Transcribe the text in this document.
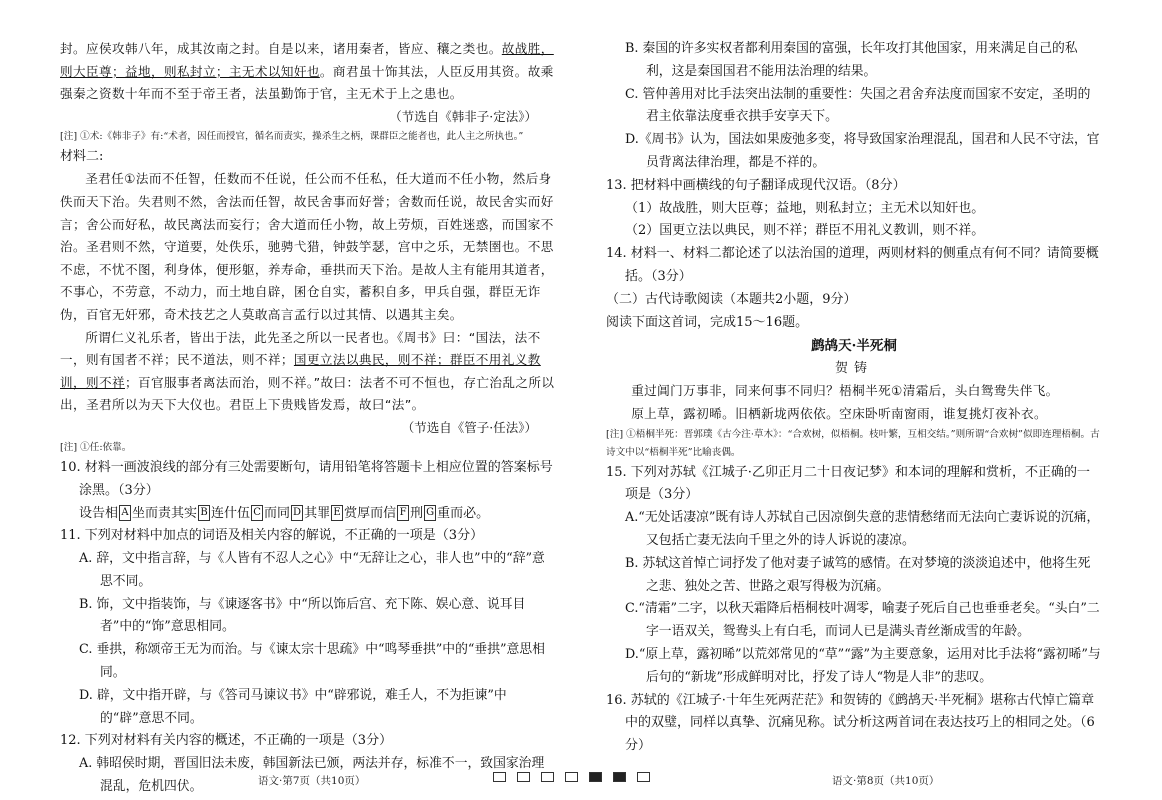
封。应侯攻韩八年，成其汝南之封。自是以来，诸用秦者，皆应、穰之类也。故战胜，则大臣尊；益地，则私封立；主无术以知奸也。商君虽十饰其法，人臣反用其资。故乘强秦之资数十年而不至于帝王者，法虽勤饰于官，主无术于上之患也。

（节选自《韩非子·定法》）

[注] ①术:《韩非子》有:“术者，因任而授官，循名而责实，操杀生之柄，课群臣之能者也，此人主之所执也。”

材料二:

圣君任①法而不任智，任数而不任说，任公而不任私，任大道而不任小物，然后身佚而天下治。失君则不然，舍法而任智，故民舍事而好誉；舍数而任说，故民舍实而好言；舍公而好私，故民离法而妄行；舍大道而任小物，故上劳烦，百姓迷惑，而国家不治。圣君则不然，守道要，处佚乐，驰骋弋猎，钟鼓竽瑟，宫中之乐，无禁圉也。不思不虑，不忧不图，利身体，便形躯，养寿命，垂拱而天下治。是故人主有能用其道者，不事心，不劳意，不动力，而土地自辟，囷仓自实，蓄积自多，甲兵自强，群臣无诈伪，百官无奸邪，奇术技艺之人莫敢高言孟行以过其情、以遇其主矣。

所谓仁义礼乐者，皆出于法，此先圣之所以一民者也。《周书》曰：“国法，法不一，则有国者不祥；民不道法，则不祥；国更立法以典民，则不祥；群臣不用礼义教训，则不祥；百官服事者离法而治，则不祥。”故曰：法者不可不恒也，存亡治乱之所以出，圣君所以为天下大仪也。君臣上下贵贱皆发焉，故曰“法”。

（节选自《管子·任法》）

[注] ①任:依靠。

10. 材料一画波浪线的部分有三处需要断句，请用铅笔将答题卡上相应位置的答案标号涂黑。（3分）

设告相 A 坐而责其实 B 连什伍 C 而同 D 其罪 E 赏厚而信 F 刑 G 重而必。

11. 下列对材料中加点的词语及相关内容的解说，不正确的一项是（3分）

A. 辞，文中指言辞，与《人皆有不忍人之心》中“无辞让之心，非人也”中的“辞”意思不同。

B. 饰，文中指装饰，与《谏逐客书》中“所以饰后宫、充下陈、娱心意、说耳目者”中的“饰”意思相同。

C. 垂拱，称颂帝王无为而治。与《谏太宗十思疏》中“鸣琴垂拱”中的“垂拱”意思相同。

D. 辟，文中指开辟，与《答司马谏议书》中“辟邪说，难壬人，不为拒谏”中的“辟”意思不同。

12. 下列对材料有关内容的概述，不正确的一项是（3分）

A. 韩昭侯时期，晋国旧法未废，韩国新法已颁，两法并存，标准不一，致国家治理混乱，危机四伏。

B. 秦国的许多实权者都利用秦国的富强，长年攻打其他国家，用来满足自己的私利，这是秦国国君不能用法治理的结果。

C. 管仲善用对比手法突出法制的重要性：失国之君舍弃法度而国家不安定，圣明的君主依靠法度垂衣拱手安享天下。

D.《周书》认为，国法如果废弛多变，将导致国家治理混乱，国君和人民不守法，官员背离法律治理，都是不祥的。

13. 把材料中画横线的句子翻译成现代汉语。（8分）

（1）故战胜，则大臣尊；益地，则私封立；主无术以知奸也。

（2）国更立法以典民，则不祥；群臣不用礼义教训，则不祥。

14. 材料一、材料二都论述了以法治国的道理，两则材料的侧重点有何不同？请简要概括。（3分）

（二）古代诗歌阅读（本题共2小题，9分）

阅读下面这首词，完成15～16题。

鹧鸪天·半死桐

贺铸

重过阊门万事非，同来何事不同归？梧桐半死①清霜后，头白鸳鸯失伴飞。

原上草，露初晞。旧栖新垅两依依。空床卧听南窗雨，谁复挑灯夜补衣。

[注] ①梧桐半死：晋郭璞《古今注·草木》：“合欢树，似梧桐。枝叶繁，互相交结。”则所谓“合欢树”似即连理梧桐。古诗文中以“梧桐半死”比喻丧偶。

15. 下列对苏轼《江城子·乙卯正月二十日夜记梦》和本词的理解和赏析，不正确的一项是（3分）

A.“无处话凄凉”既有诗人苏轼自己因凉倒失意的悲情愁绪而无法向亡妻诉说的沉痛，又包括亡妻无法向千里之外的诗人诉说的凄凉。

B. 苏轼这首悼亡词抒发了他对妻子诚笃的感情。在对梦境的淡淡追述中，他将生死之悲、独处之苦、世路之艰写得极为沉痛。

C.“清霜”二字，以秋天霜降后梧桐枝叶凋零，喻妻子死后自己也垂垂老矣。“头白”二字一语双关，鸳鸯头上有白毛，而词人已是满头青丝渐成雪的年龄。

D.“原上草，露初晞”以荒郊常见的“草”“露”为主要意象，运用对比手法将“露初晞”与后句的“新垅”形成鲜明对比，抒发了诗人“物是人非”的悲叹。

16. 苏轼的《江城子·十年生死两茫茫》和贺铸的《鹧鸪天·半死桐》堪称古代悼亡篇章中的双璧，同样以真挚、沉痛见称。试分析这两首词在表达技巧上的相同之处。（6分）

语文·第7页（共10页）	语文·第8页（共10页）
